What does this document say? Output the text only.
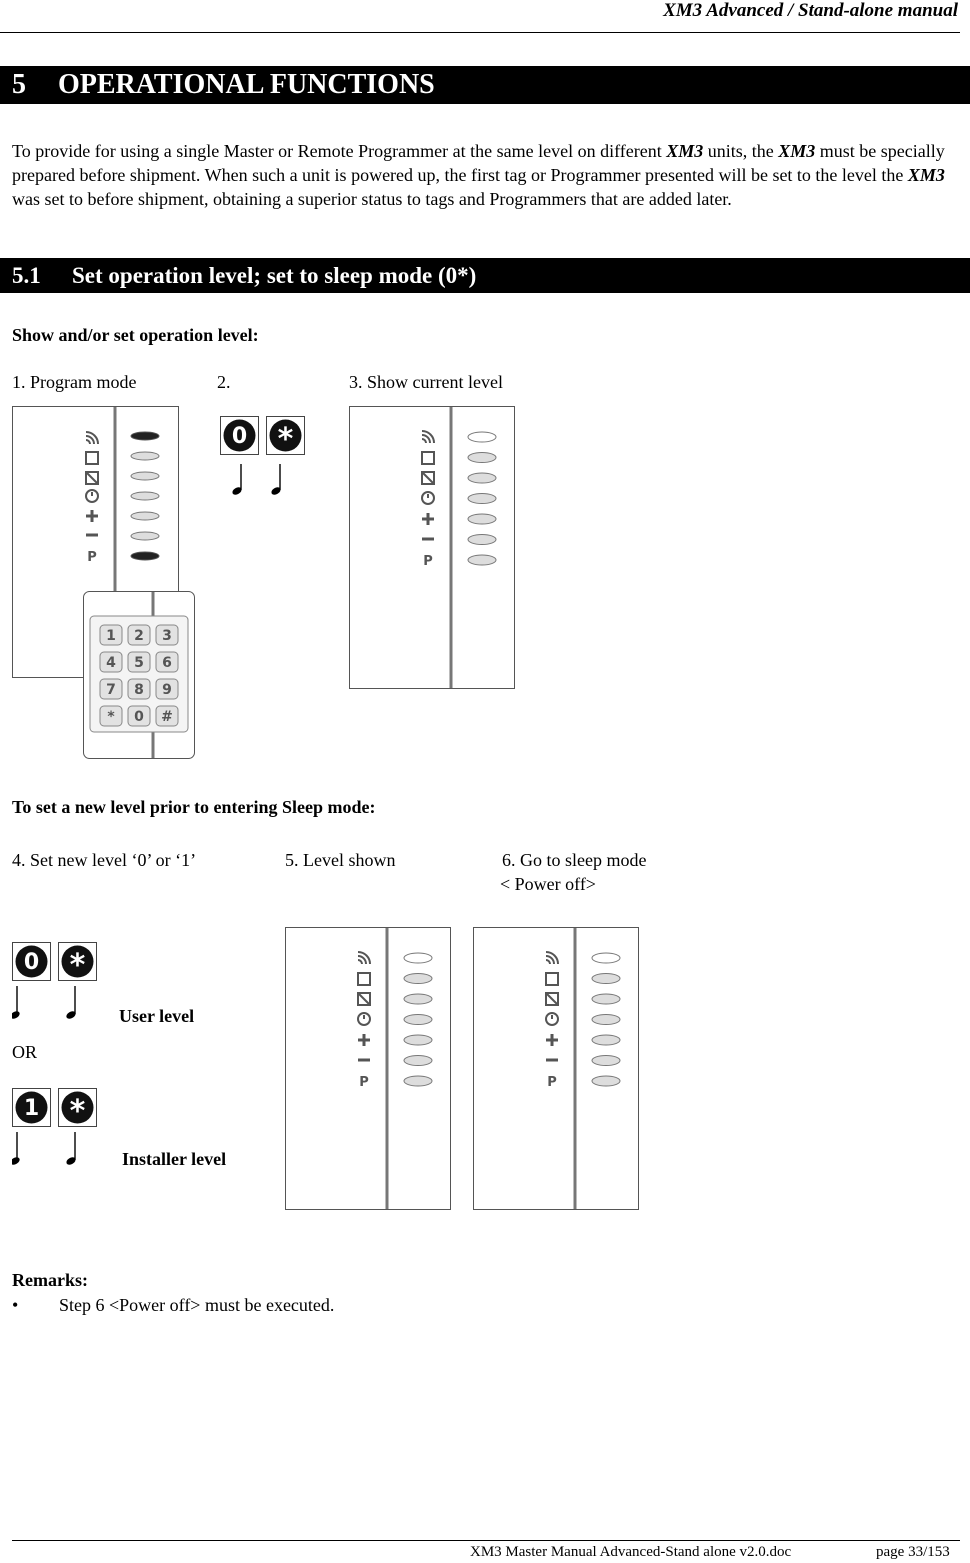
XM3 Advanced / Stand-alone manual
5 OPERATIONAL FUNCTIONS
To provide for using a single Master or Remote Programmer at the same level on different XM3 units, the XM3 must be specially prepared before shipment. When such a unit is powered up, the first tag or Programmer presented will be set to the level the XM3 was set to before shipment, obtaining a superior status to tags and Programmers that are added later.
5.1 Set operation level; set to sleep mode (0*)
Show and/or set operation level:
1. Program mode	2.	3. Show current level
P
1 2 3
4 5 6
7 8 9
* 0 #
0 *
P
To set a new level prior to entering Sleep mode:
4. Set new level ‘0’ or ‘1’	5. Level shown	6. Go to sleep mode
< Power off>
0 *
User level
OR
1 *
Installer level
P	P
Remarks:
• Step 6 <Power off> must be executed.
XM3 Master Manual Advanced-Stand alone v2.0.doc	page 33/153
